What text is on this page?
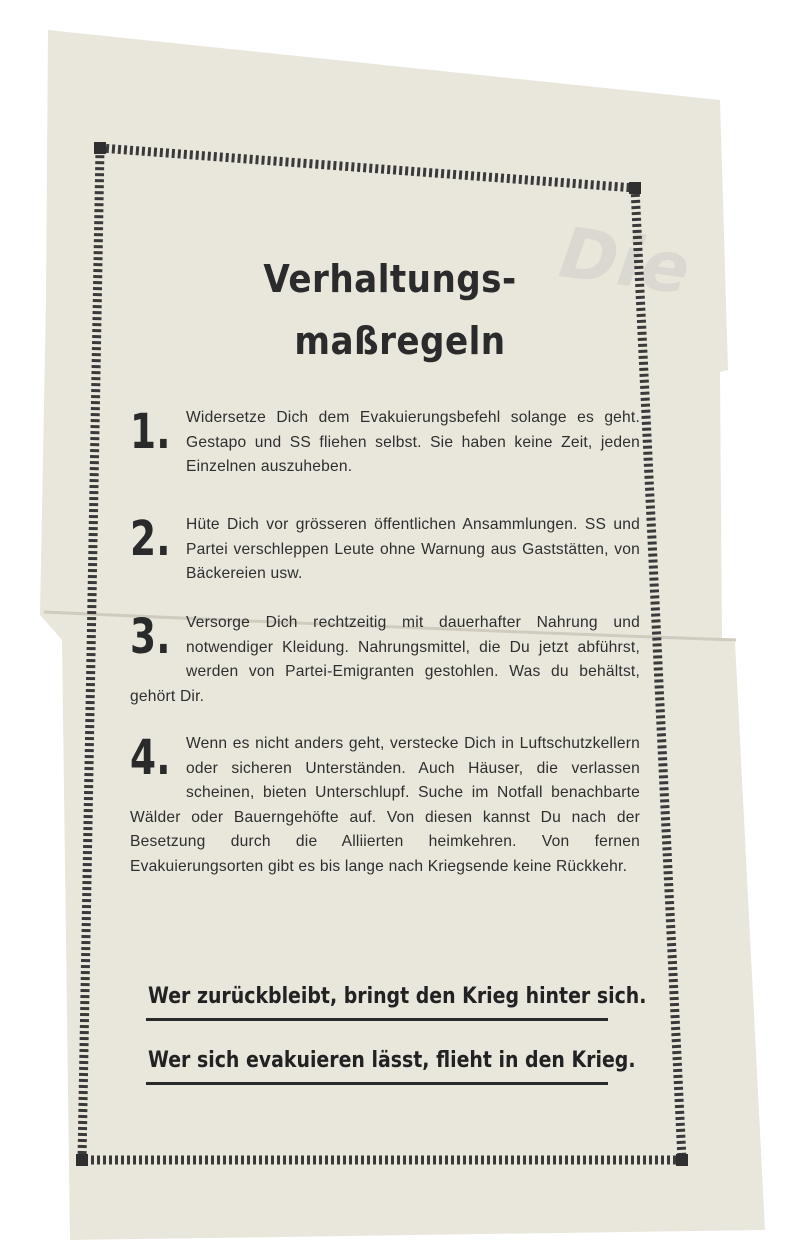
Die
Verhaltungs-
maßregeln
1. Widersetze Dich dem Evakuierungsbefehl solange es geht. Gestapo und SS fliehen selbst. Sie haben keine Zeit, jeden Einzelnen auszuheben.
2. Hüte Dich vor grösseren öffentlichen Ansammlungen. SS und Partei verschleppen Leute ohne Warnung aus Gaststätten, von Bäckereien usw.
3. Versorge Dich rechtzeitig mit dauerhafter Nahrung und notwendiger Kleidung. Nahrungsmittel, die Du jetzt abführst, werden von Partei-Emigranten gestohlen. Was du behältst, gehört Dir.
4. Wenn es nicht anders geht, verstecke Dich in Luftschutzkellern oder sicheren Unterständen. Auch Häuser, die verlassen scheinen, bieten Unterschlupf. Suche im Notfall benachbarte Wälder oder Bauerngehöfte auf. Von diesen kannst Du nach der Besetzung durch die Alliierten heimkehren. Von fernen Evakuierungsorten gibt es bis lange nach Kriegsende keine Rückkehr.
Wer zurückbleibt, bringt den Krieg hinter sich.
Wer sich evakuieren lässt, flieht in den Krieg.
